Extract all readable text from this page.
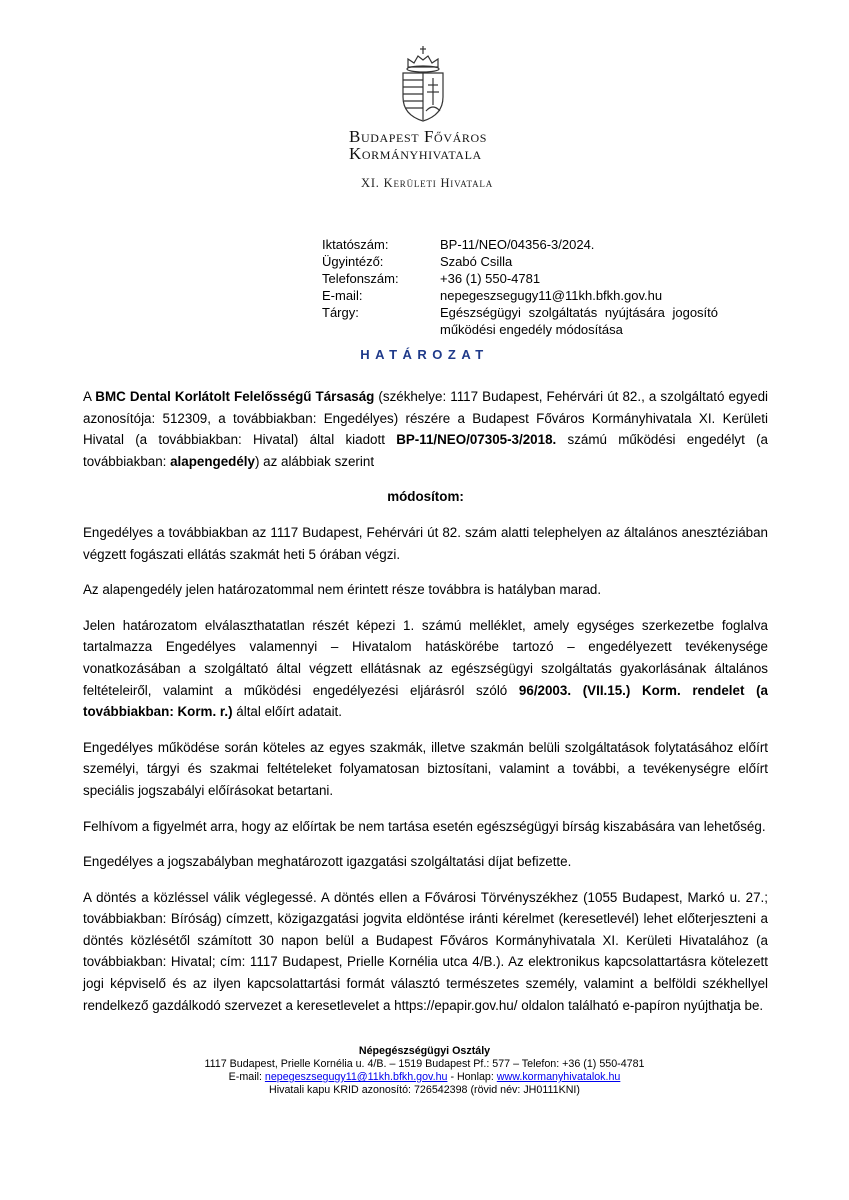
Budapest Főváros
Kormányhivatala
XI. Kerületi Hivatala
Iktatószám:	BP-11/NEO/04356-3/2024.
Ügyintéző:	Szabó Csilla
Telefonszám:	+36 (1) 550-4781
E-mail:	nepegeszsegugy11@11kh.bfkh.gov.hu
Tárgy:	Egészségügyi szolgáltatás nyújtására jogosító működési engedély módosítása
HATÁROZAT

A BMC Dental Korlátolt Felelősségű Társaság (székhelye: 1117 Budapest, Fehérvári út 82., a szolgáltató egyedi azonosítója: 512309, a továbbiakban: Engedélyes) részére a Budapest Főváros Kormányhivatala XI. Kerületi Hivatal (a továbbiakban: Hivatal) által kiadott BP-11/NEO/07305-3/2018. számú működési engedélyt (a továbbiakban: alapengedély) az alábbiak szerint

módosítom:

Engedélyes a továbbiakban az 1117 Budapest, Fehérvári út 82. szám alatti telephelyen az általános anesztéziában végzett fogászati ellátás szakmát heti 5 órában végzi.

Az alapengedély jelen határozatommal nem érintett része továbbra is hatályban marad.

Jelen határozatom elválaszthatatlan részét képezi 1. számú melléklet, amely egységes szerkezetbe foglalva tartalmazza Engedélyes valamennyi – Hivatalom hatáskörébe tartozó – engedélyezett tevékenysége vonatkozásában a szolgáltató által végzett ellátásnak az egészségügyi szolgáltatás gyakorlásának általános feltételeiről, valamint a működési engedélyezési eljárásról szóló 96/2003. (VII.15.) Korm. rendelet (a továbbiakban: Korm. r.) által előírt adatait.

Engedélyes működése során köteles az egyes szakmák, illetve szakmán belüli szolgáltatások folytatásához előírt személyi, tárgyi és szakmai feltételeket folyamatosan biztosítani, valamint a további, a tevékenységre előírt speciális jogszabályi előírásokat betartani.

Felhívom a figyelmét arra, hogy az előírtak be nem tartása esetén egészségügyi bírság kiszabására van lehetőség.

Engedélyes a jogszabályban meghatározott igazgatási szolgáltatási díjat befizette.

A döntés a közléssel válik véglegessé. A döntés ellen a Fővárosi Törvényszékhez (1055 Budapest, Markó u. 27.; továbbiakban: Bíróság) címzett, közigazgatási jogvita eldöntése iránti kérelmet (keresetlevél) lehet előterjeszteni a döntés közlésétől számított 30 napon belül a Budapest Főváros Kormányhivatala XI. Kerületi Hivatalához (a továbbiakban: Hivatal; cím: 1117 Budapest, Prielle Kornélia utca 4/B.). Az elektronikus kapcsolattartásra kötelezett jogi képviselő és az ilyen kapcsolattartási formát választó természetes személy, valamint a belföldi székhellyel rendelkező gazdálkodó szervezet a keresetlevelet a https://epapir.gov.hu/ oldalon található e-papíron nyújthatja be.

Népegészségügyi Osztály
1117 Budapest, Prielle Kornélia u. 4/B. – 1519 Budapest Pf.: 577 – Telefon: +36 (1) 550-4781
E-mail: nepegeszsegugy11@11kh.bfkh.gov.hu - Honlap: www.kormanyhivatalok.hu
Hivatali kapu KRID azonosító: 726542398 (rövid név: JH0111KNI)
